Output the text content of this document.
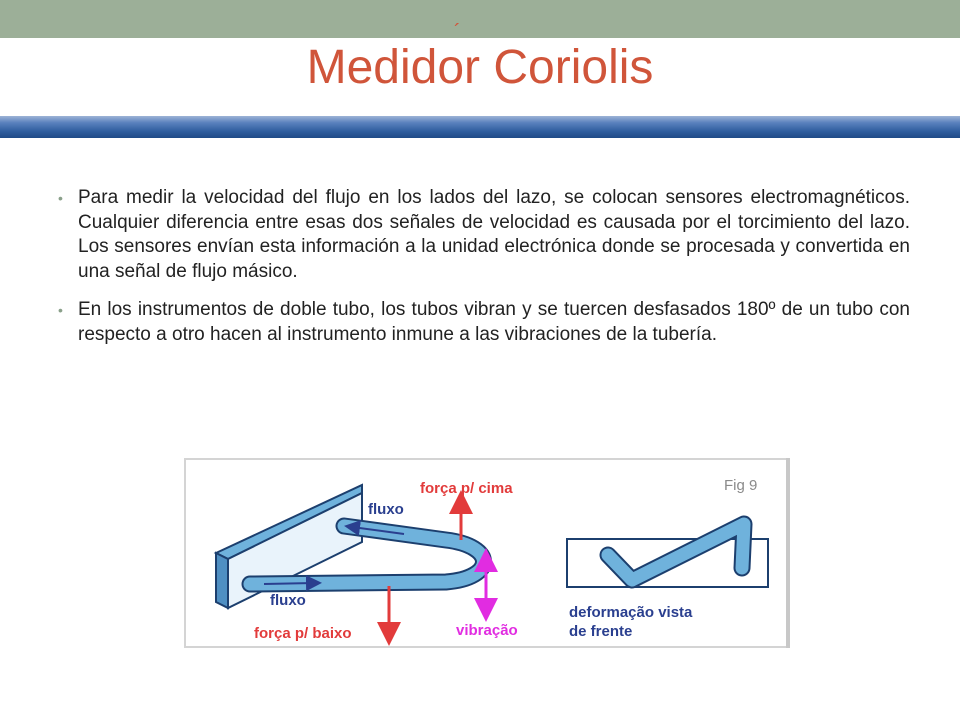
´
Medidor Coriolis
• Para medir la velocidad del flujo en los lados del lazo, se colocan sensores electromagnéticos. Cualquier diferencia entre esas dos señales de velocidad es causada por el torcimiento del lazo. Los sensores envían esta información a la unidad electrónica donde se procesada y convertida en una señal de flujo másico.
• En los instrumentos de doble tubo, los tubos vibran y se tuercen desfasados 180º de un tubo con respecto a otro hacen al instrumento inmune a las vibraciones de la tubería.
força p/ cima
força p/ baixo	vibração
fluxo
fluxo
Fig 9
deformação vista
de frente
